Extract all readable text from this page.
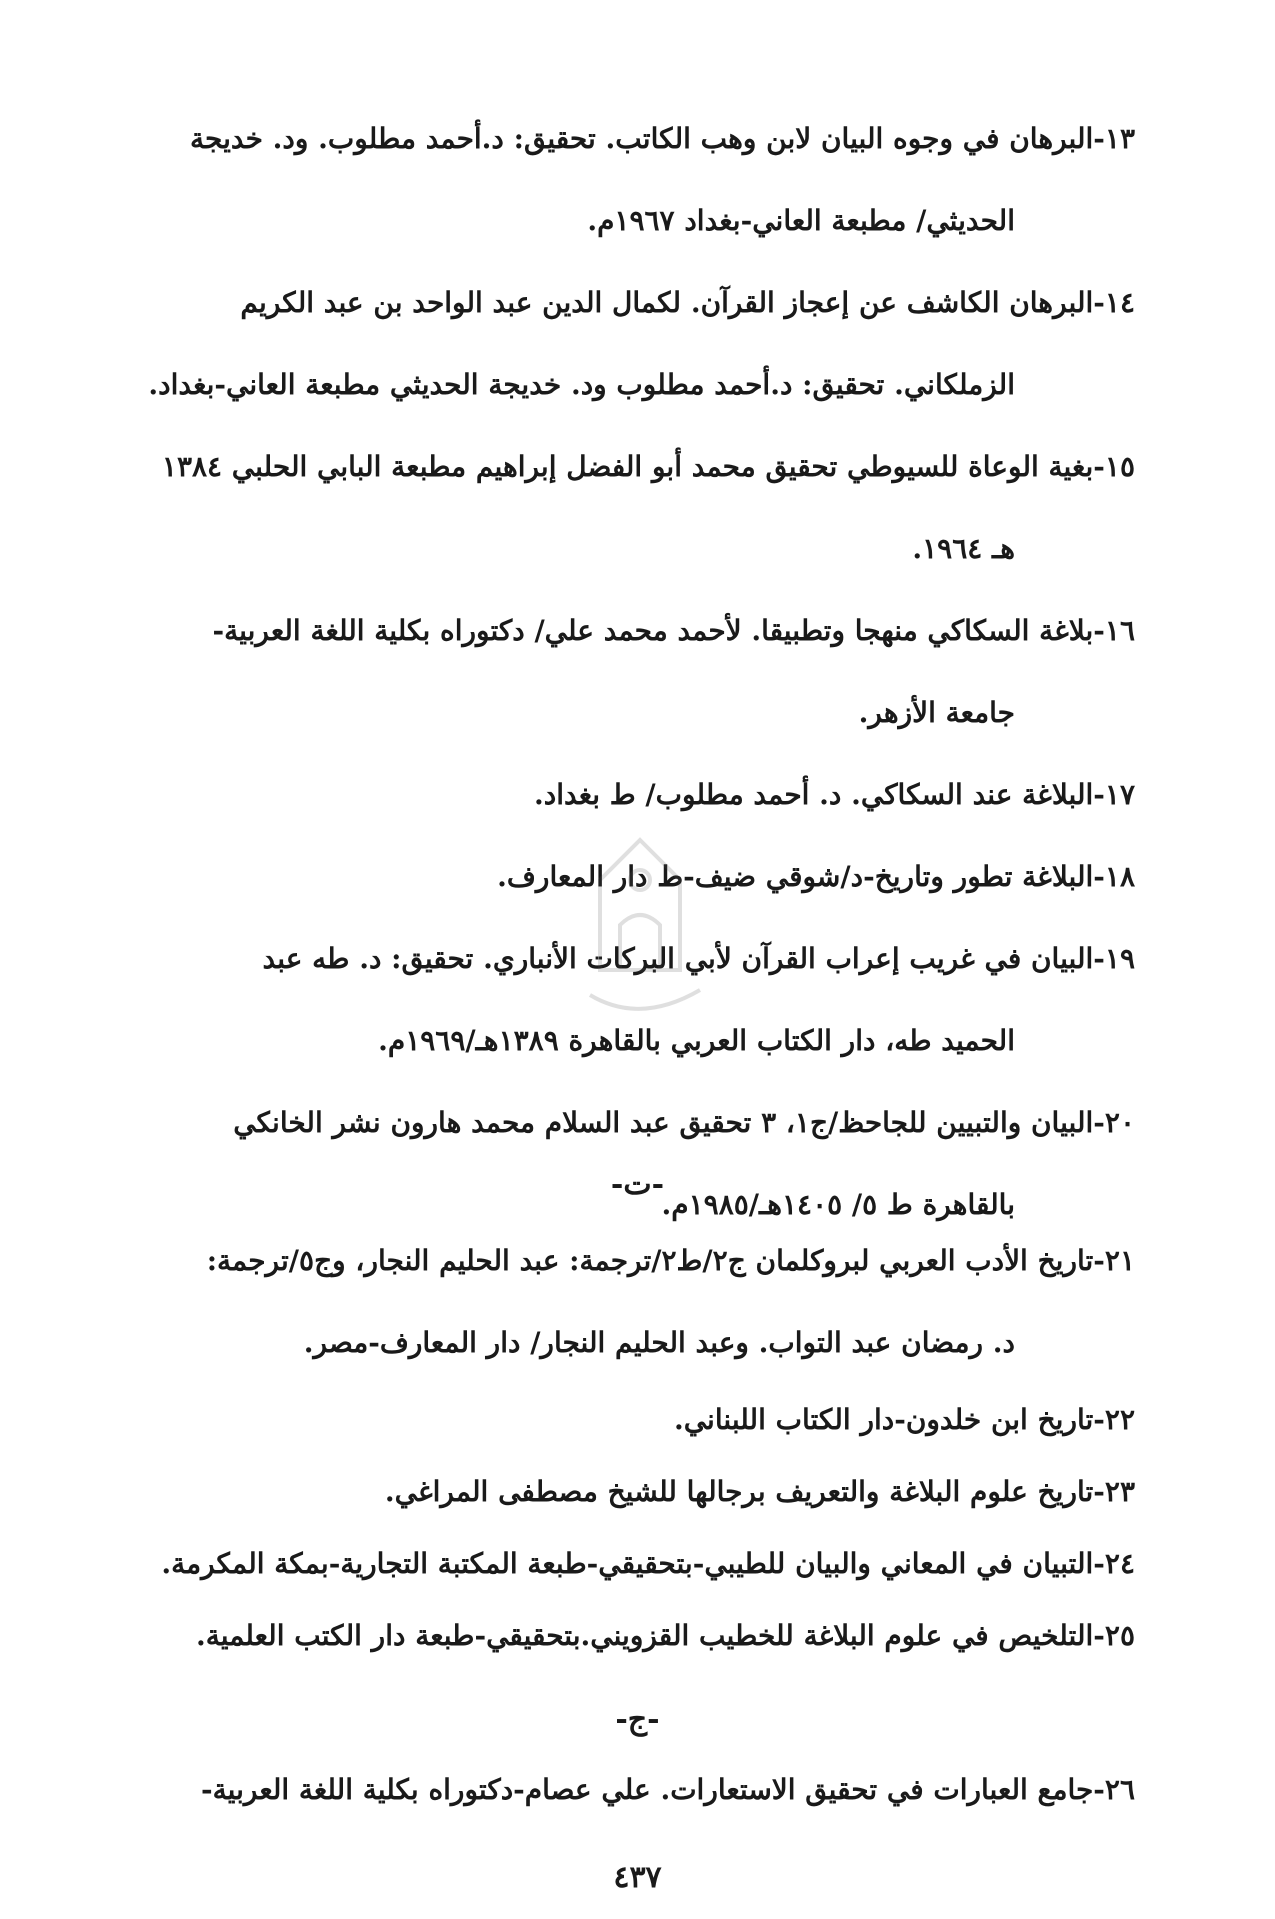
١٣-البرهان في وجوه البيان لابن وهب الكاتب. تحقيق: د.أحمد مطلوب. ود. خديجة
الحديثي/ مطبعة العاني-بغداد ١٩٦٧م.
١٤-البرهان الكاشف عن إعجاز القرآن. لكمال الدين عبد الواحد بن عبد الكريم
الزملكاني. تحقيق: د.أحمد مطلوب ود. خديجة الحديثي مطبعة العاني-بغداد.
١٥-بغية الوعاة للسيوطي تحقيق محمد أبو الفضل إبراهيم مطبعة البابي الحلبي ١٣٨٤
هـ ١٩٦٤.
١٦-بلاغة السكاكي منهجا وتطبيقا. لأحمد محمد علي/ دكتوراه بكلية اللغة العربية-
جامعة الأزهر.
١٧-البلاغة عند السكاكي. د. أحمد مطلوب/ ط بغداد.
١٨-البلاغة تطور وتاريخ-د/شوقي ضيف-ط دار المعارف.
١٩-البيان في غريب إعراب القرآن لأبي البركات الأنباري. تحقيق: د. طه عبد
الحميد طه، دار الكتاب العربي بالقاهرة ١٣٨٩هـ/١٩٦٩م.
٢٠-البيان والتبيين للجاحظ/ج١، ٣ تحقيق عبد السلام محمد هارون نشر الخانكي
بالقاهرة ط ٥/ ١٤٠٥هـ/١٩٨٥م.
-ت-
٢١-تاريخ الأدب العربي لبروكلمان ج٢/ط٢/ترجمة: عبد الحليم النجار، وج٥/ترجمة:
د. رمضان عبد التواب. وعبد الحليم النجار/ دار المعارف-مصر.
٢٢-تاريخ ابن خلدون-دار الكتاب اللبناني.
٢٣-تاريخ علوم البلاغة والتعريف برجالها للشيخ مصطفى المراغي.
٢٤-التبيان في المعاني والبيان للطيبي-بتحقيقي-طبعة المكتبة التجارية-بمكة المكرمة.
٢٥-التلخيص في علوم البلاغة للخطيب القزويني.بتحقيقي-طبعة دار الكتب العلمية.
-ج-
٢٦-جامع العبارات في تحقيق الاستعارات. علي عصام-دكتوراه بكلية اللغة العربية-
٤٣٧
